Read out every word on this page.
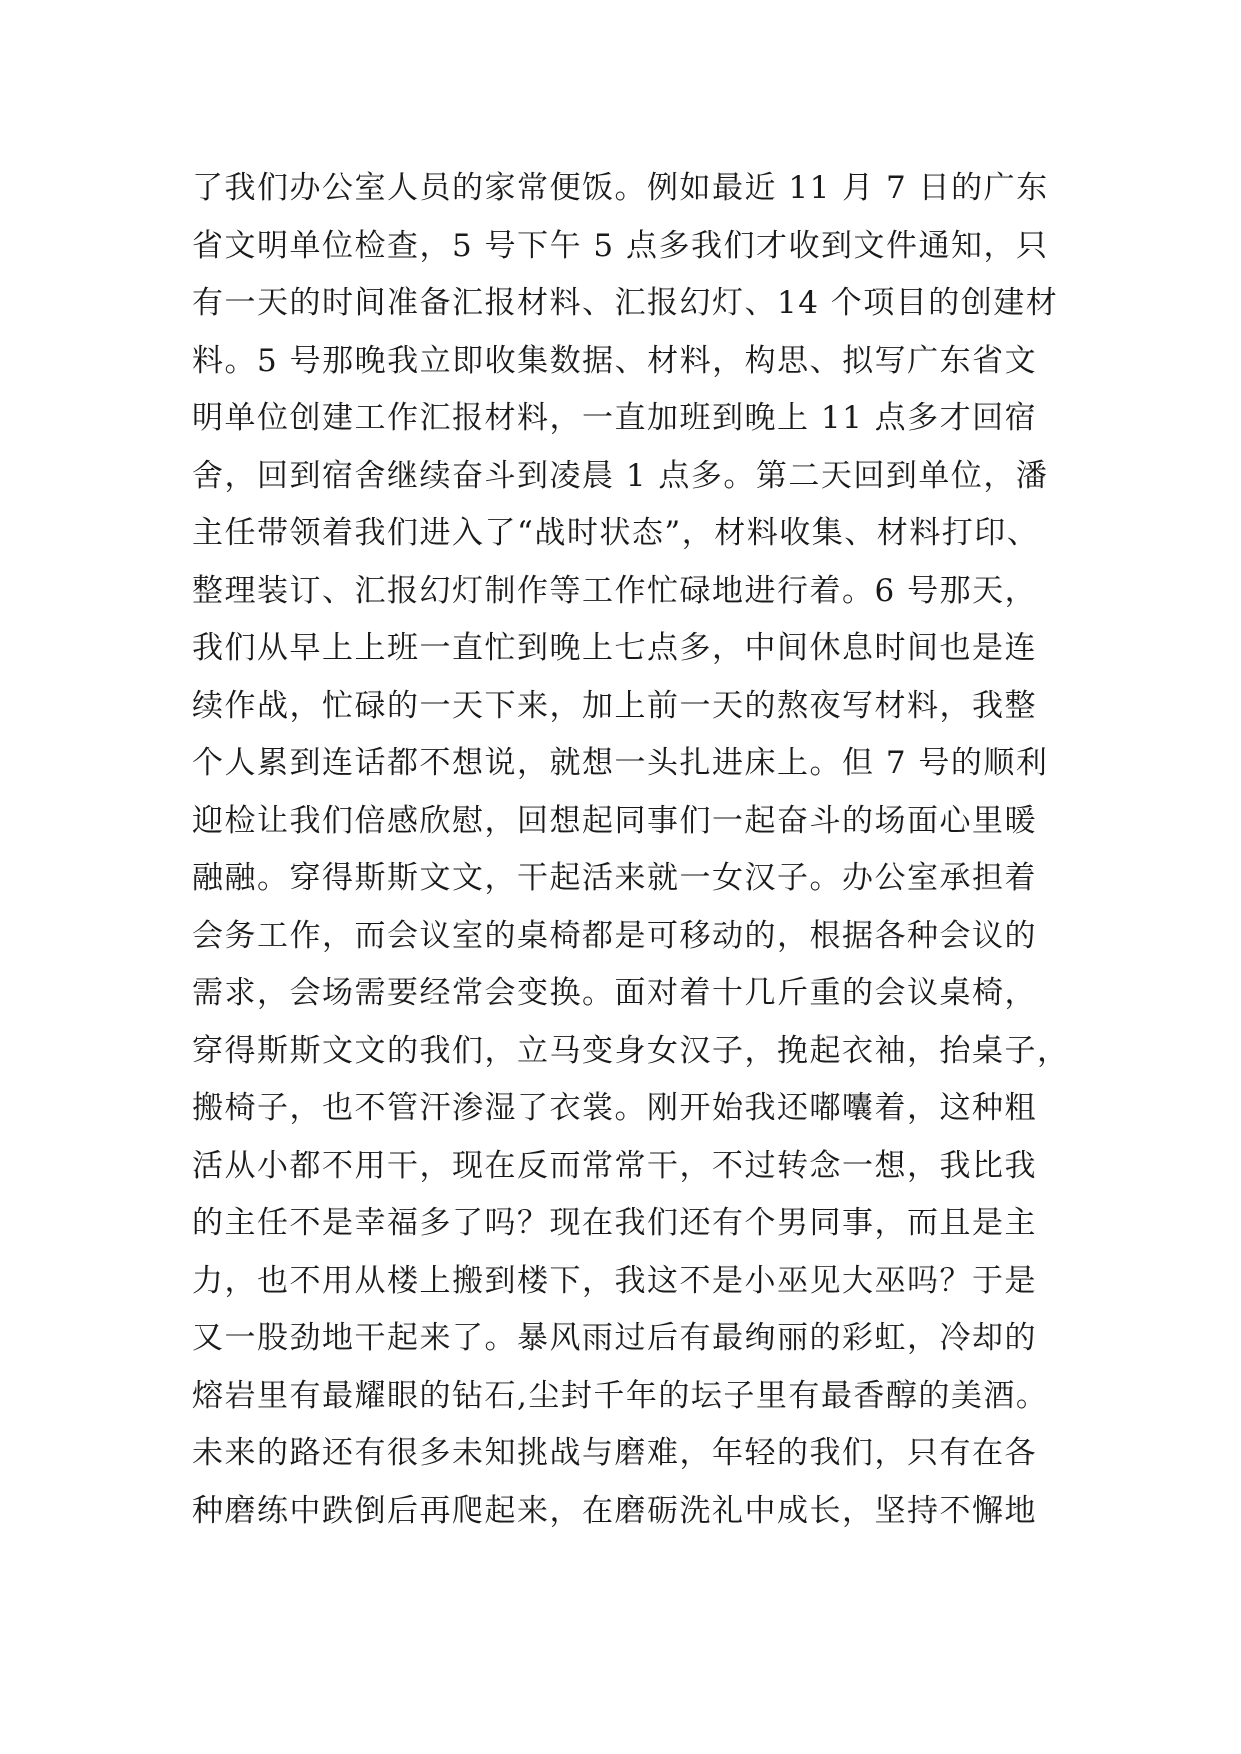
了我们办公室人员的家常便饭。例如最近 11 月 7 日的广东
省文明单位检查，5 号下午 5 点多我们才收到文件通知，只
有一天的时间准备汇报材料、汇报幻灯、14 个项目的创建材
料。5 号那晚我立即收集数据、材料，构思、拟写广东省文
明单位创建工作汇报材料，一直加班到晚上 11 点多才回宿
舍，回到宿舍继续奋斗到凌晨 1 点多。第二天回到单位，潘
主任带领着我们进入了“战时状态”，材料收集、材料打印、
整理装订、汇报幻灯制作等工作忙碌地进行着。6 号那天，
我们从早上上班一直忙到晚上七点多，中间休息时间也是连
续作战，忙碌的一天下来，加上前一天的熬夜写材料，我整
个人累到连话都不想说，就想一头扎进床上。但 7 号的顺利
迎检让我们倍感欣慰，回想起同事们一起奋斗的场面心里暖
融融。穿得斯斯文文，干起活来就一女汉子。办公室承担着
会务工作，而会议室的桌椅都是可移动的，根据各种会议的
需求，会场需要经常会变换。面对着十几斤重的会议桌椅，
穿得斯斯文文的我们，立马变身女汉子，挽起衣袖，抬桌子，
搬椅子，也不管汗渗湿了衣裳。刚开始我还嘟囔着，这种粗
活从小都不用干，现在反而常常干，不过转念一想，我比我
的主任不是幸福多了吗？现在我们还有个男同事，而且是主
力，也不用从楼上搬到楼下，我这不是小巫见大巫吗？于是
又一股劲地干起来了。暴风雨过后有最绚丽的彩虹，冷却的
熔岩里有最耀眼的钻石,尘封千年的坛子里有最香醇的美酒。
未来的路还有很多未知挑战与磨难，年轻的我们，只有在各
种磨练中跌倒后再爬起来，在磨砺洗礼中成长，坚持不懈地
